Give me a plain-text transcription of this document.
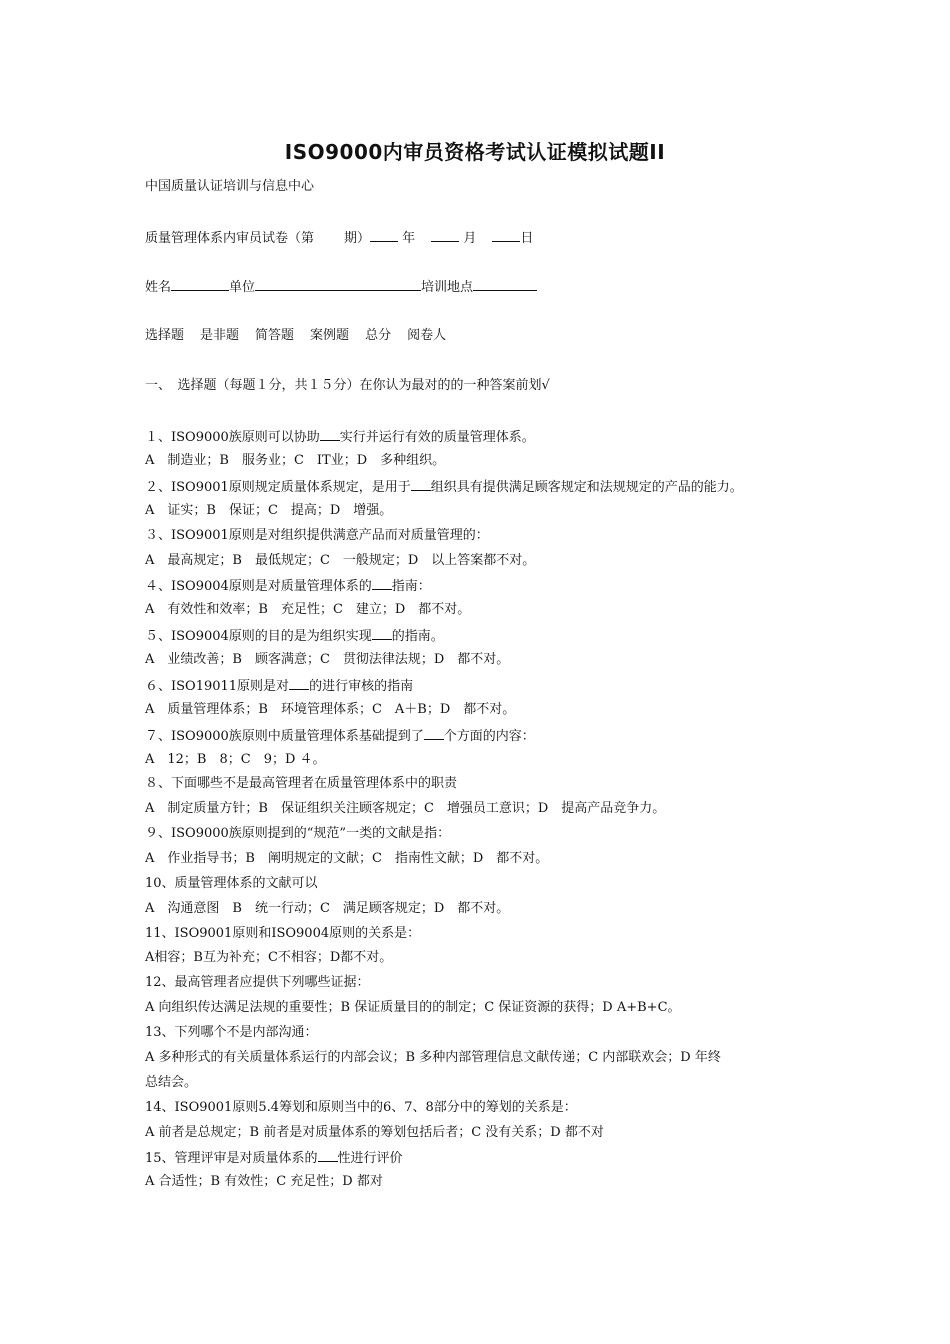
ISO9000内审员资格考试认证模拟试题II
中国质量认证培训与信息中心
质量管理体系内审员试卷（第 期） 年	月	日
姓名	单位	培训地点
选择题 是非题 简答题 案例题 总分 阅卷人
一、　选择题（每题１分，共１５分）在你认为最对的的一种答案前划√
１、ISO9000族原则可以协助 实行并运行有效的质量管理体系。
A　制造业；B　服务业；C　IT业；D　多种组织。
２、ISO9001原则规定质量体系规定，是用于 组织具有提供满足顾客规定和法规规定的产品的能力。
A　证实；B　保证；C　提高；D　增强。
３、ISO9001原则是对组织提供满意产品而对质量管理的：
A　最高规定；B　最低规定；C　一般规定；D　以上答案都不对。
４、ISO9004原则是对质量管理体系的 指南：
A　有效性和效率；B　充足性；C　建立；D　都不对。
５、ISO9004原则的目的是为组织实现 的指南。
A　业绩改善；B　顾客满意；C　贯彻法律法规；D　都不对。
６、ISO19011原则是对 的进行审核的指南
A　质量管理体系；B　环境管理体系；C　A＋B；D　都不对。
７、ISO9000族原则中质量管理体系基础提到了 个方面的内容：
A　12；B　8；C　9；D ４。
８、下面哪些不是最高管理者在质量管理体系中的职责
A　制定质量方针；B　保证组织关注顾客规定；C　增强员工意识；D　提高产品竞争力。
９、ISO9000族原则提到的“规范”一类的文献是指：
A　作业指导书；B　阐明规定的文献；C　指南性文献；D　都不对。
10、质量管理体系的文献可以
A　沟通意图　B　统一行动；C　满足顾客规定；D　都不对。
11、ISO9001原则和ISO9004原则的关系是：
A相容；B互为补充；C不相容；D都不对。
12、最高管理者应提供下列哪些证据：
A 向组织传达满足法规的重要性；B 保证质量目的的制定；C 保证资源的获得；D A+B+C。
13、下列哪个不是内部沟通：
A 多种形式的有关质量体系运行的内部会议；B 多种内部管理信息文献传递；C 内部联欢会；D 年终
总结会。
14、ISO9001原则5.4筹划和原则当中的6、7、8部分中的筹划的关系是：
A 前者是总规定；B 前者是对质量体系的筹划包括后者；C 没有关系；D 都不对
15、管理评审是对质量体系的 性进行评价
A 合适性；B 有效性；C 充足性；D 都对
